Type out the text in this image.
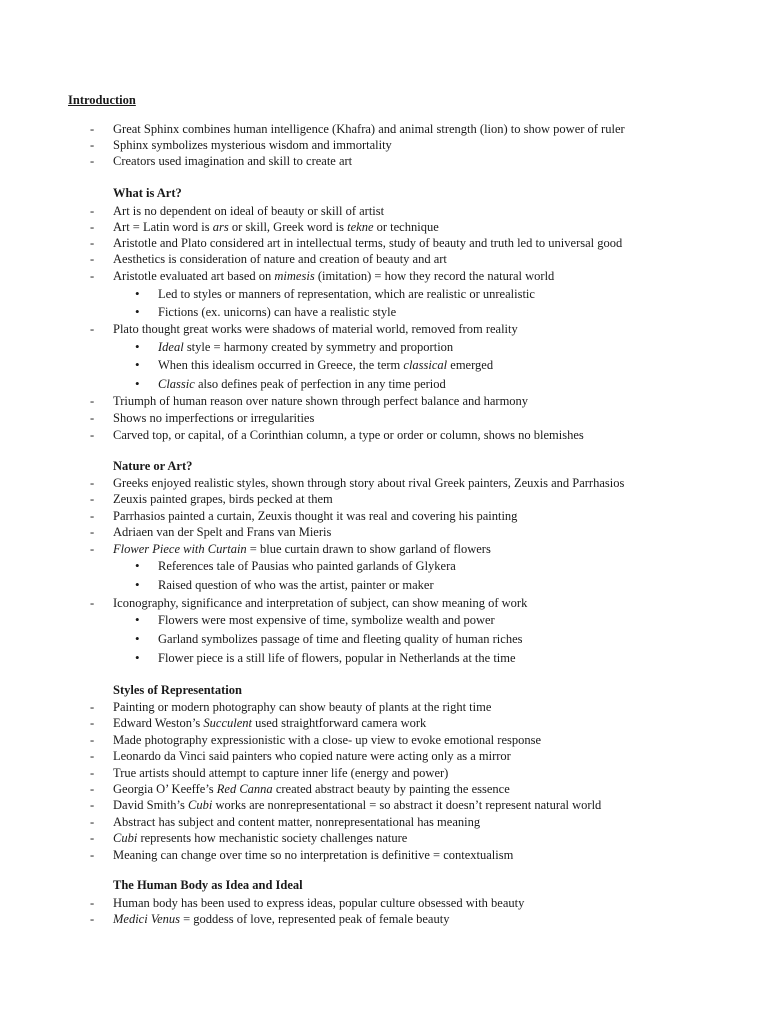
Introduction
- Great Sphinx combines human intelligence (Khafra) and animal strength (lion) to show power of ruler
- Sphinx symbolizes mysterious wisdom and immortality
- Creators used imagination and skill to create art
What is Art?
- Art is no dependent on ideal of beauty or skill of artist
- Art = Latin word is ars or skill, Greek word is tekne or technique
- Aristotle and Plato considered art in intellectual terms, study of beauty and truth led to universal good
- Aesthetics is consideration of nature and creation of beauty and art
- Aristotle evaluated art based on mimesis (imitation) = how they record the natural world
• Led to styles or manners of representation, which are realistic or unrealistic
• Fictions (ex. unicorns) can have a realistic style
- Plato thought great works were shadows of material world, removed from reality
• Ideal style = harmony created by symmetry and proportion
• When this idealism occurred in Greece, the term classical emerged
• Classic also defines peak of perfection in any time period
- Triumph of human reason over nature shown through perfect balance and harmony
- Shows no imperfections or irregularities
- Carved top, or capital, of a Corinthian column, a type or order or column, shows no blemishes
Nature or Art?
- Greeks enjoyed realistic styles, shown through story about rival Greek painters, Zeuxis and Parrhasios
- Zeuxis painted grapes, birds pecked at them
- Parrhasios painted a curtain, Zeuxis thought it was real and covering his painting
- Adriaen van der Spelt and Frans van Mieris
- Flower Piece with Curtain = blue curtain drawn to show garland of flowers
• References tale of Pausias who painted garlands of Glykera
• Raised question of who was the artist, painter or maker
- Iconography, significance and interpretation of subject, can show meaning of work
• Flowers were most expensive of time, symbolize wealth and power
• Garland symbolizes passage of time and fleeting quality of human riches
• Flower piece is a still life of flowers, popular in Netherlands at the time
Styles of Representation
- Painting or modern photography can show beauty of plants at the right time
- Edward Weston’s Succulent used straightforward camera work
- Made photography expressionistic with a close- up view to evoke emotional response
- Leonardo da Vinci said painters who copied nature were acting only as a mirror
- True artists should attempt to capture inner life (energy and power)
- Georgia O’ Keeffe’s Red Canna created abstract beauty by painting the essence
- David Smith’s Cubi works are nonrepresentational = so abstract it doesn’t represent natural world
- Abstract has subject and content matter, nonrepresentational has meaning
- Cubi represents how mechanistic society challenges nature
- Meaning can change over time so no interpretation is definitive = contextualism
The Human Body as Idea and Ideal
- Human body has been used to express ideas, popular culture obsessed with beauty
- Medici Venus = goddess of love, represented peak of female beauty
